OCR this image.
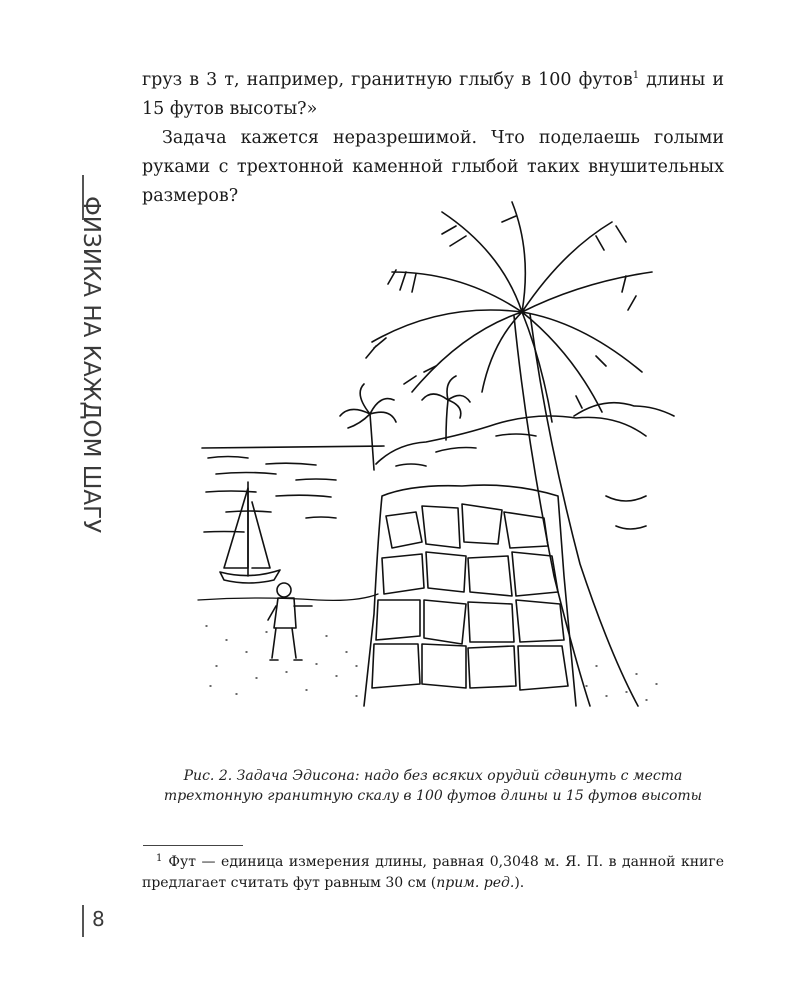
ФИЗИКА НА КАЖДОМ ШАГУ

груз в 3 т, например, гранитную глыбу в 100 футов$^1$ длины и 15 футов высоты?»

Задача кажется неразрешимой. Что поделаешь голыми руками с трехтонной каменной глыбой таких внушительных размеров?

Рис. 2. Задача Эдисона: надо без всяких орудий сдвинуть с места трехтонную гранитную скалу в 100 футов длины и 15 футов высоты

$^1$ Фут — единица измерения длины, равная 0,3048 м. Я. П. в данной книге предлагает считать фут равным 30 см (прим. ред.).

8
